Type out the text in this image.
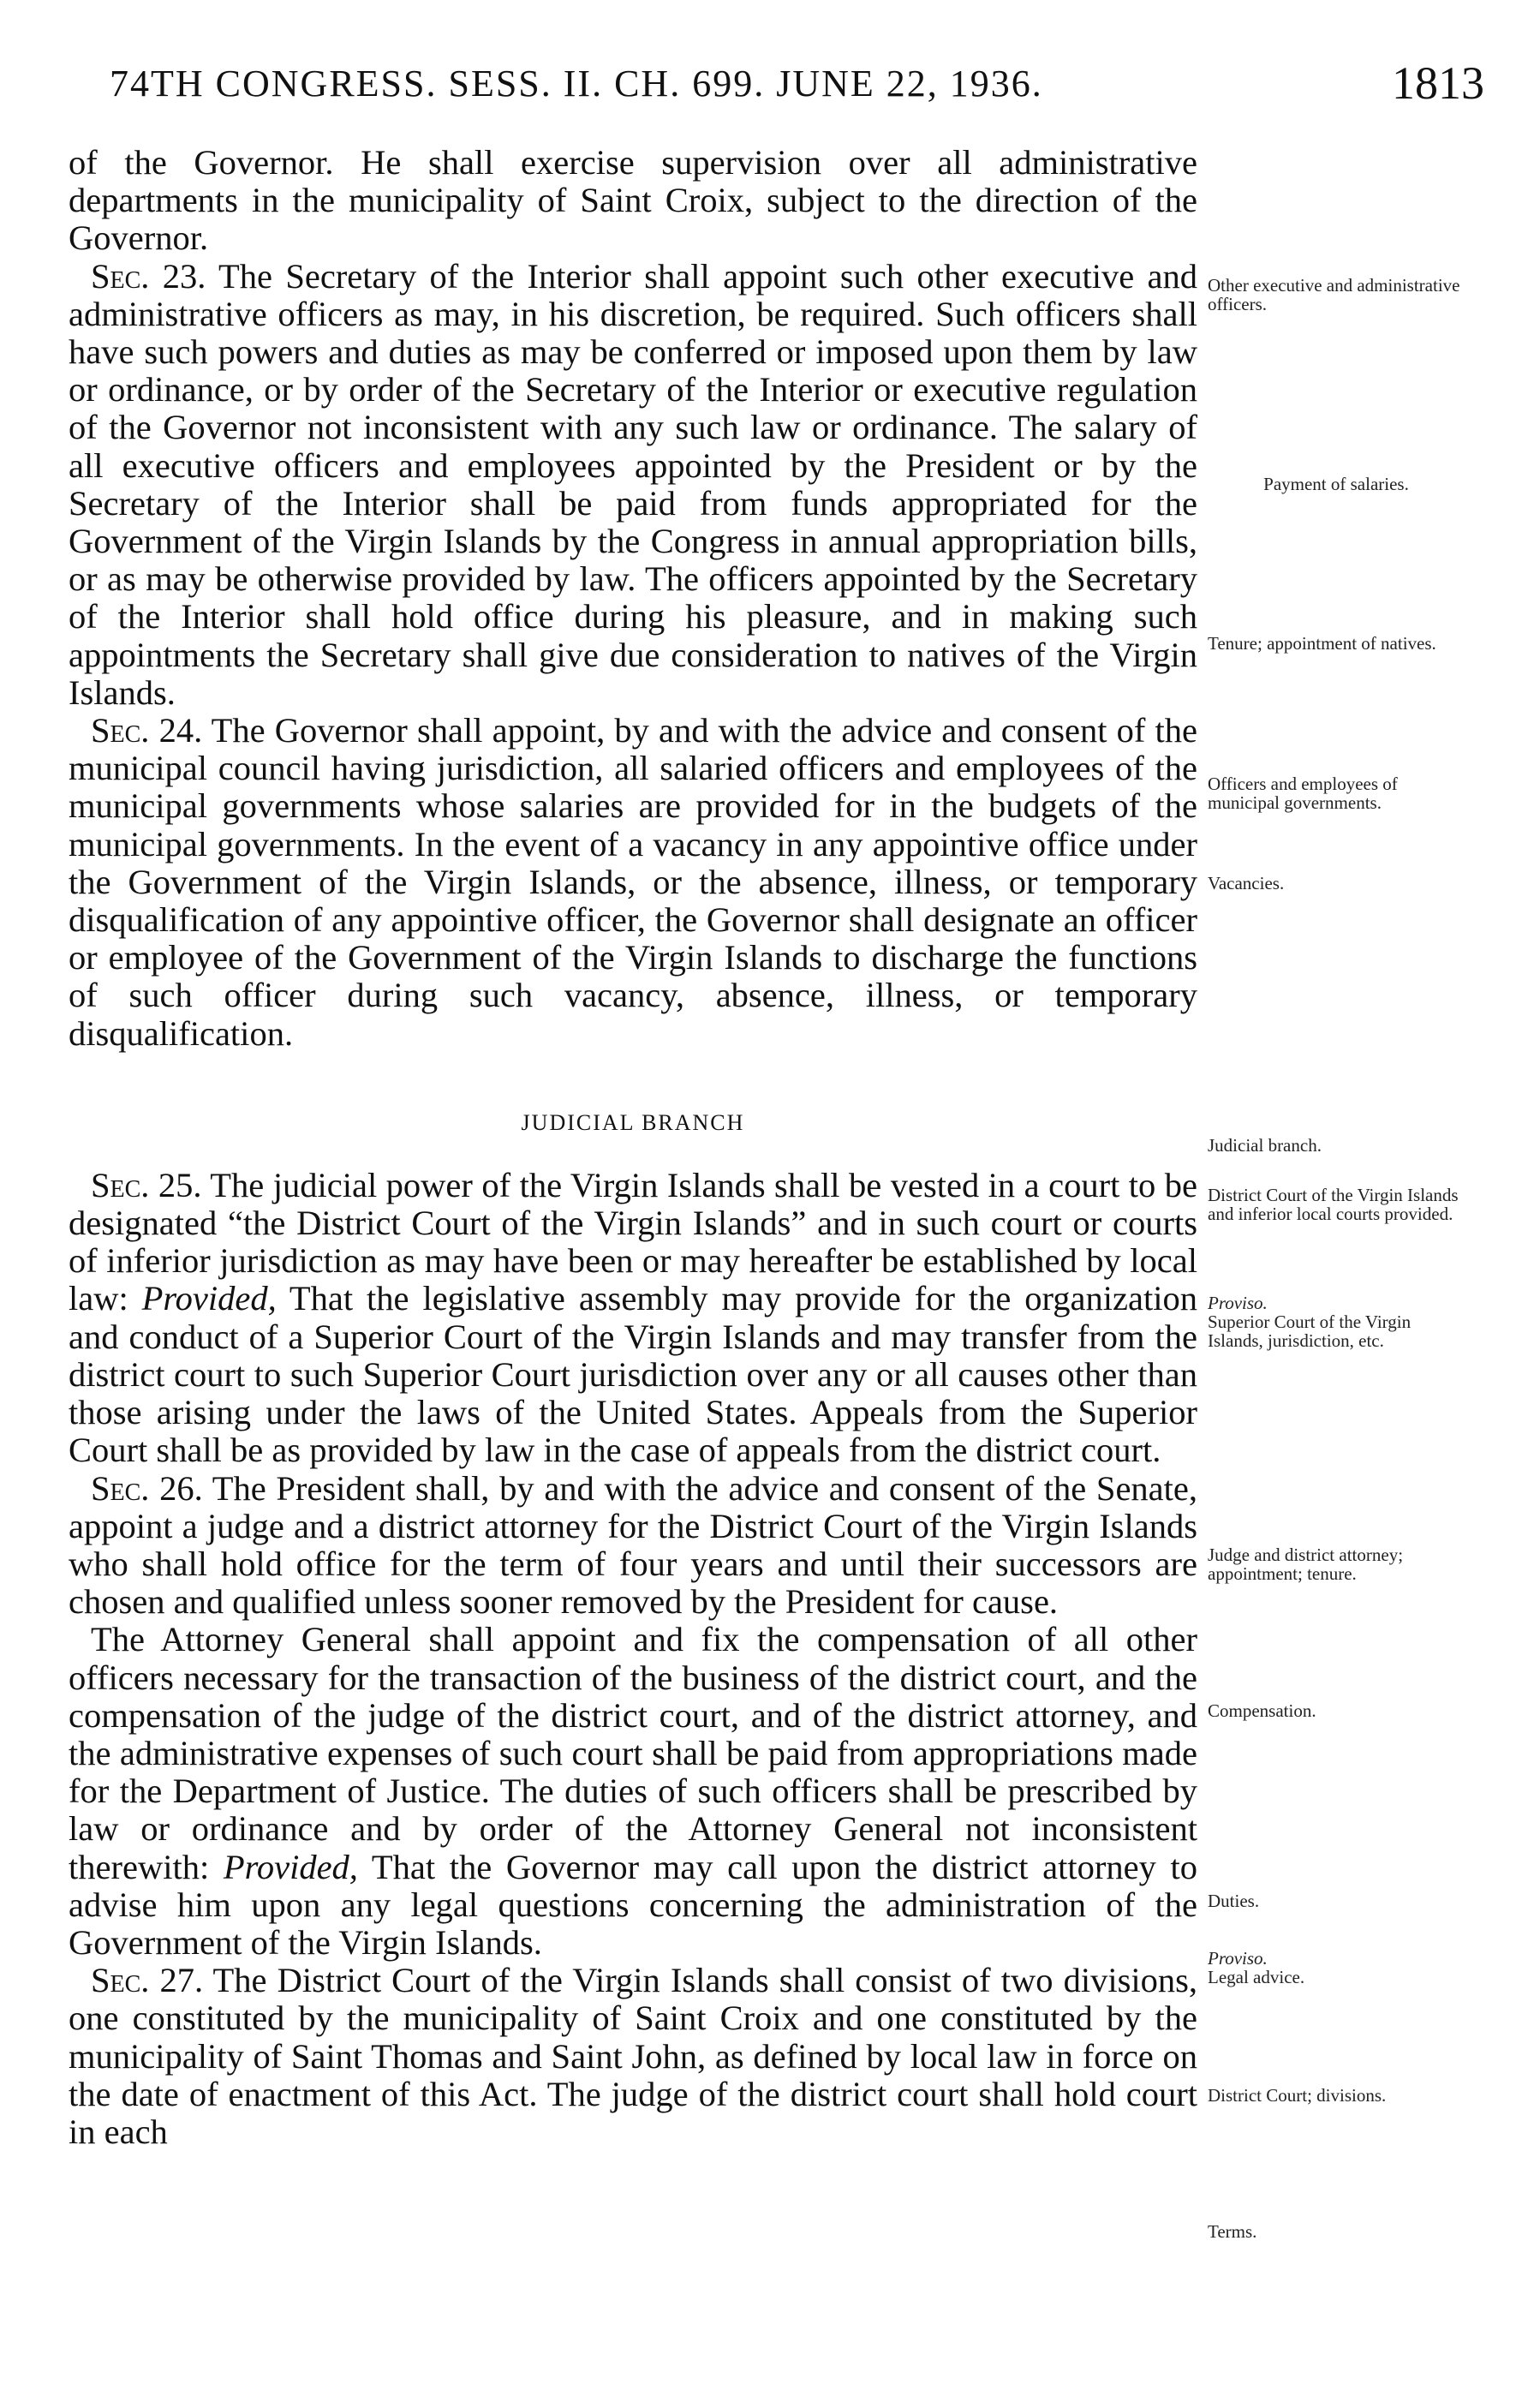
74TH CONGRESS. SESS. II. CH. 699. JUNE 22, 1936.	1813

of the Governor. He shall exercise supervision over all administrative departments in the municipality of Saint Croix, subject to the direction of the Governor.

Sec. 23. The Secretary of the Interior shall appoint such other executive and administrative officers as may, in his discretion, be required. Such officers shall have such powers and duties as may be conferred or imposed upon them by law or ordinance, or by order of the Secretary of the Interior or executive regulation of the Governor not inconsistent with any such law or ordinance. The salary of all executive officers and employees appointed by the President or by the Secretary of the Interior shall be paid from funds appropriated for the Government of the Virgin Islands by the Congress in annual appropriation bills, or as may be otherwise provided by law. The officers appointed by the Secretary of the Interior shall hold office during his pleasure, and in making such appointments the Secretary shall give due consideration to natives of the Virgin Islands.

Sec. 24. The Governor shall appoint, by and with the advice and consent of the municipal council having jurisdiction, all salaried officers and employees of the municipal governments whose salaries are provided for in the budgets of the municipal governments. In the event of a vacancy in any appointive office under the Government of the Virgin Islands, or the absence, illness, or temporary disqualification of any appointive officer, the Governor shall designate an officer or employee of the Government of the Virgin Islands to discharge the functions of such officer during such vacancy, absence, illness, or temporary disqualification.

JUDICIAL BRANCH

Sec. 25. The judicial power of the Virgin Islands shall be vested in a court to be designated “the District Court of the Virgin Islands” and in such court or courts of inferior jurisdiction as may have been or may hereafter be established by local law: Provided, That the legislative assembly may provide for the organization and conduct of a Superior Court of the Virgin Islands and may transfer from the district court to such Superior Court jurisdiction over any or all causes other than those arising under the laws of the United States. Appeals from the Superior Court shall be as provided by law in the case of appeals from the district court.

Sec. 26. The President shall, by and with the advice and consent of the Senate, appoint a judge and a district attorney for the District Court of the Virgin Islands who shall hold office for the term of four years and until their successors are chosen and qualified unless sooner removed by the President for cause.

The Attorney General shall appoint and fix the compensation of all other officers necessary for the transaction of the business of the district court, and the compensation of the judge of the district court, and of the district attorney, and the administrative expenses of such court shall be paid from appropriations made for the Department of Justice. The duties of such officers shall be prescribed by law or ordinance and by order of the Attorney General not inconsistent therewith: Provided, That the Governor may call upon the district attorney to advise him upon any legal questions concerning the administration of the Government of the Virgin Islands.

Sec. 27. The District Court of the Virgin Islands shall consist of two divisions, one constituted by the municipality of Saint Croix and one constituted by the municipality of Saint Thomas and Saint John, as defined by local law in force on the date of enactment of this Act. The judge of the district court shall hold court in each

Other executive and administrative officers.
Payment of salaries.
Tenure; appointment of natives.
Officers and employees of municipal governments.
Vacancies.
Judicial branch.
District Court of the Virgin Islands and inferior local courts provided.
Proviso.
Superior Court of the Virgin Islands, jurisdiction, etc.
Judge and district attorney; appointment; tenure.
Compensation.
Duties.
Proviso.
Legal advice.
District Court; divisions.
Terms.
